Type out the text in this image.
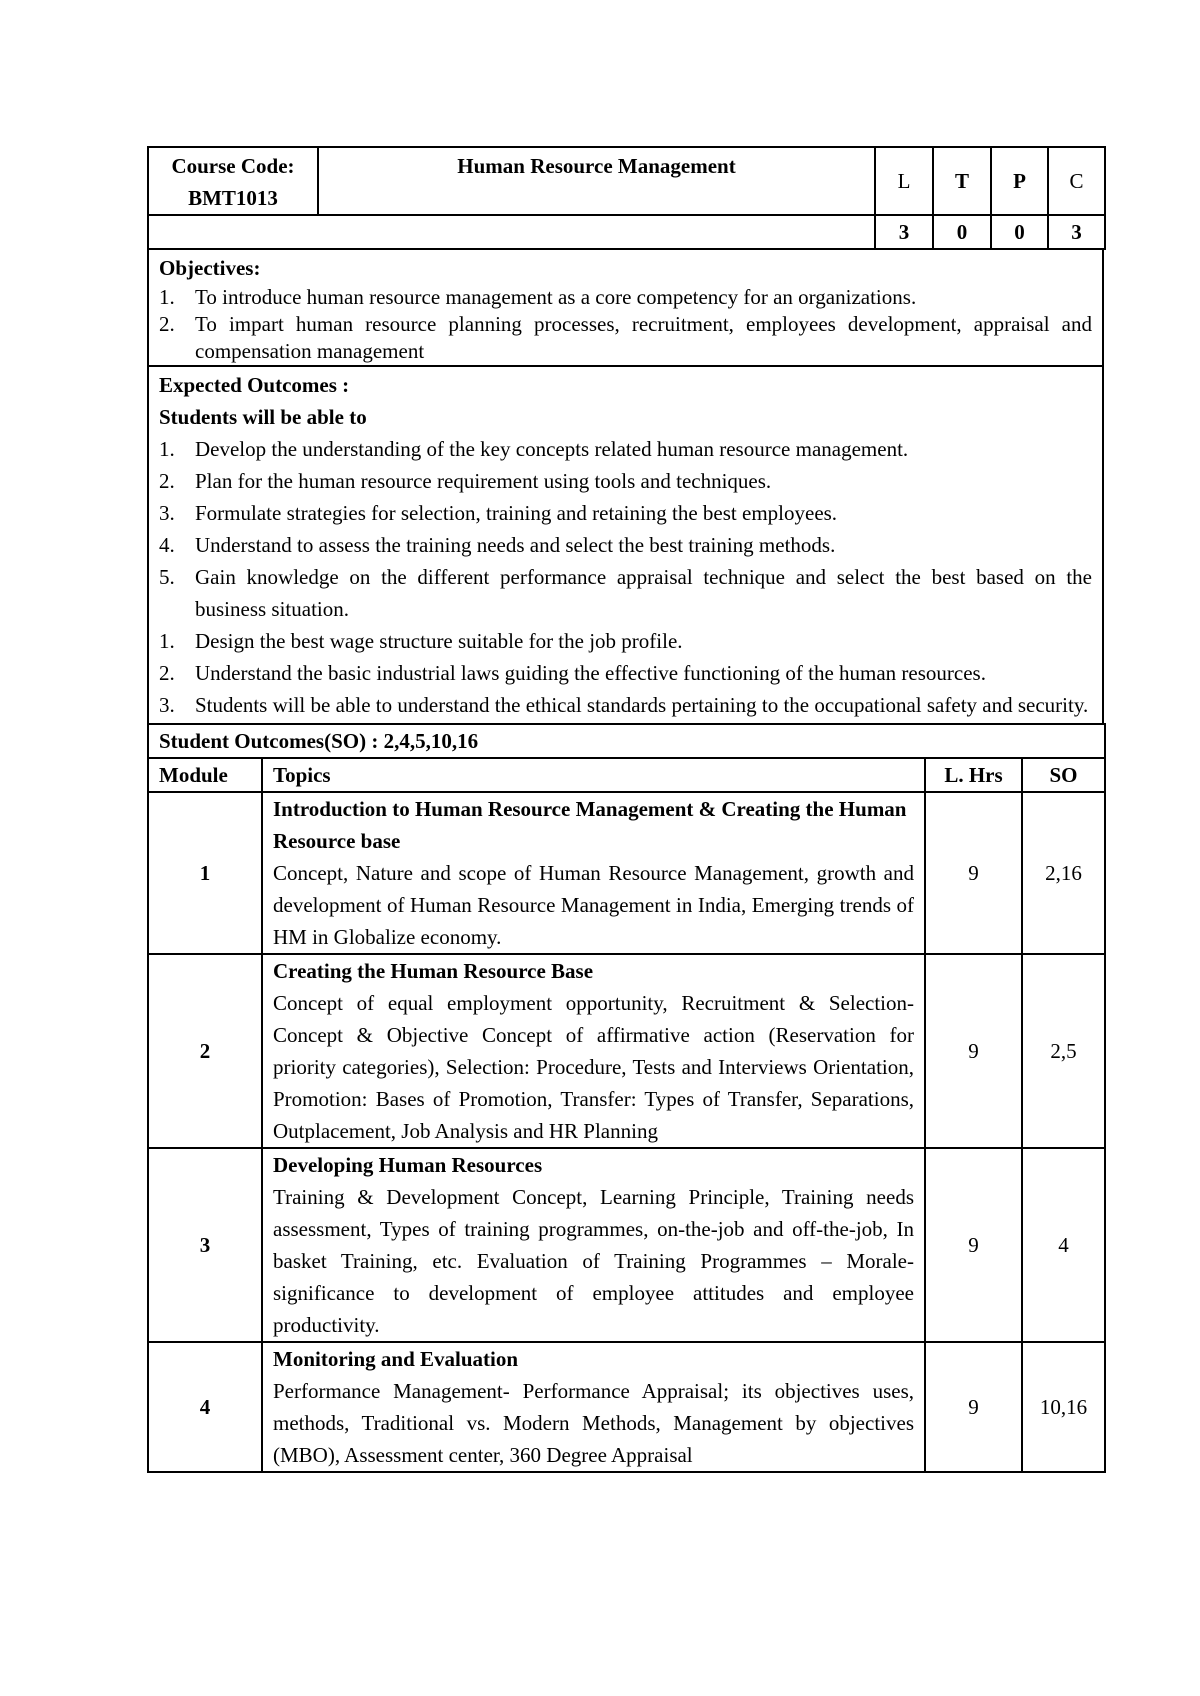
Course Code:
BMT1013	Human Resource Management	L	T	P	C
		3	0	0	3
Objectives:
1. To introduce human resource management as a core competency for an organizations.
2. To impart human resource planning processes, recruitment, employees development, appraisal and compensation management

Expected Outcomes :
Students will be able to
1. Develop the understanding of the key concepts related human resource management.
2. Plan for the human resource requirement using tools and techniques.
3. Formulate strategies for selection, training and retaining the best employees.
4. Understand to assess the training needs and select the best training methods.
5. Gain knowledge on the different performance appraisal technique and select the best based on the business situation.
1. Design the best wage structure suitable for the job profile.
2. Understand the basic industrial laws guiding the effective functioning of the human resources.
3. Students will be able to understand the ethical standards pertaining to the occupational safety and security.
Student Outcomes(SO) : 2,4,5,10,16			
Module	Topics	L. Hrs	SO
1	Introduction to Human Resource Management & Creating the Human Resource base
Concept, Nature and scope of Human Resource Management, growth and development of Human Resource Management in India, Emerging trends of HM in Globalize economy.	9	2,16
2	Creating the Human Resource Base
Concept of equal employment opportunity, Recruitment & Selection-Concept & Objective Concept of affirmative action (Reservation for priority categories), Selection: Procedure, Tests and Interviews Orientation, Promotion: Bases of Promotion, Transfer: Types of Transfer, Separations, Outplacement, Job Analysis and HR Planning	9	2,5
3	Developing Human Resources
Training & Development Concept, Learning Principle, Training needs assessment, Types of training programmes, on-the-job and off-the-job, In basket Training, etc. Evaluation of Training Programmes – Morale- significance to development of employee attitudes and employee productivity.	9	4
4	Monitoring and Evaluation
Performance Management- Performance Appraisal; its objectives uses, methods, Traditional vs. Modern Methods, Management by objectives (MBO), Assessment center, 360 Degree Appraisal	9	10,16
